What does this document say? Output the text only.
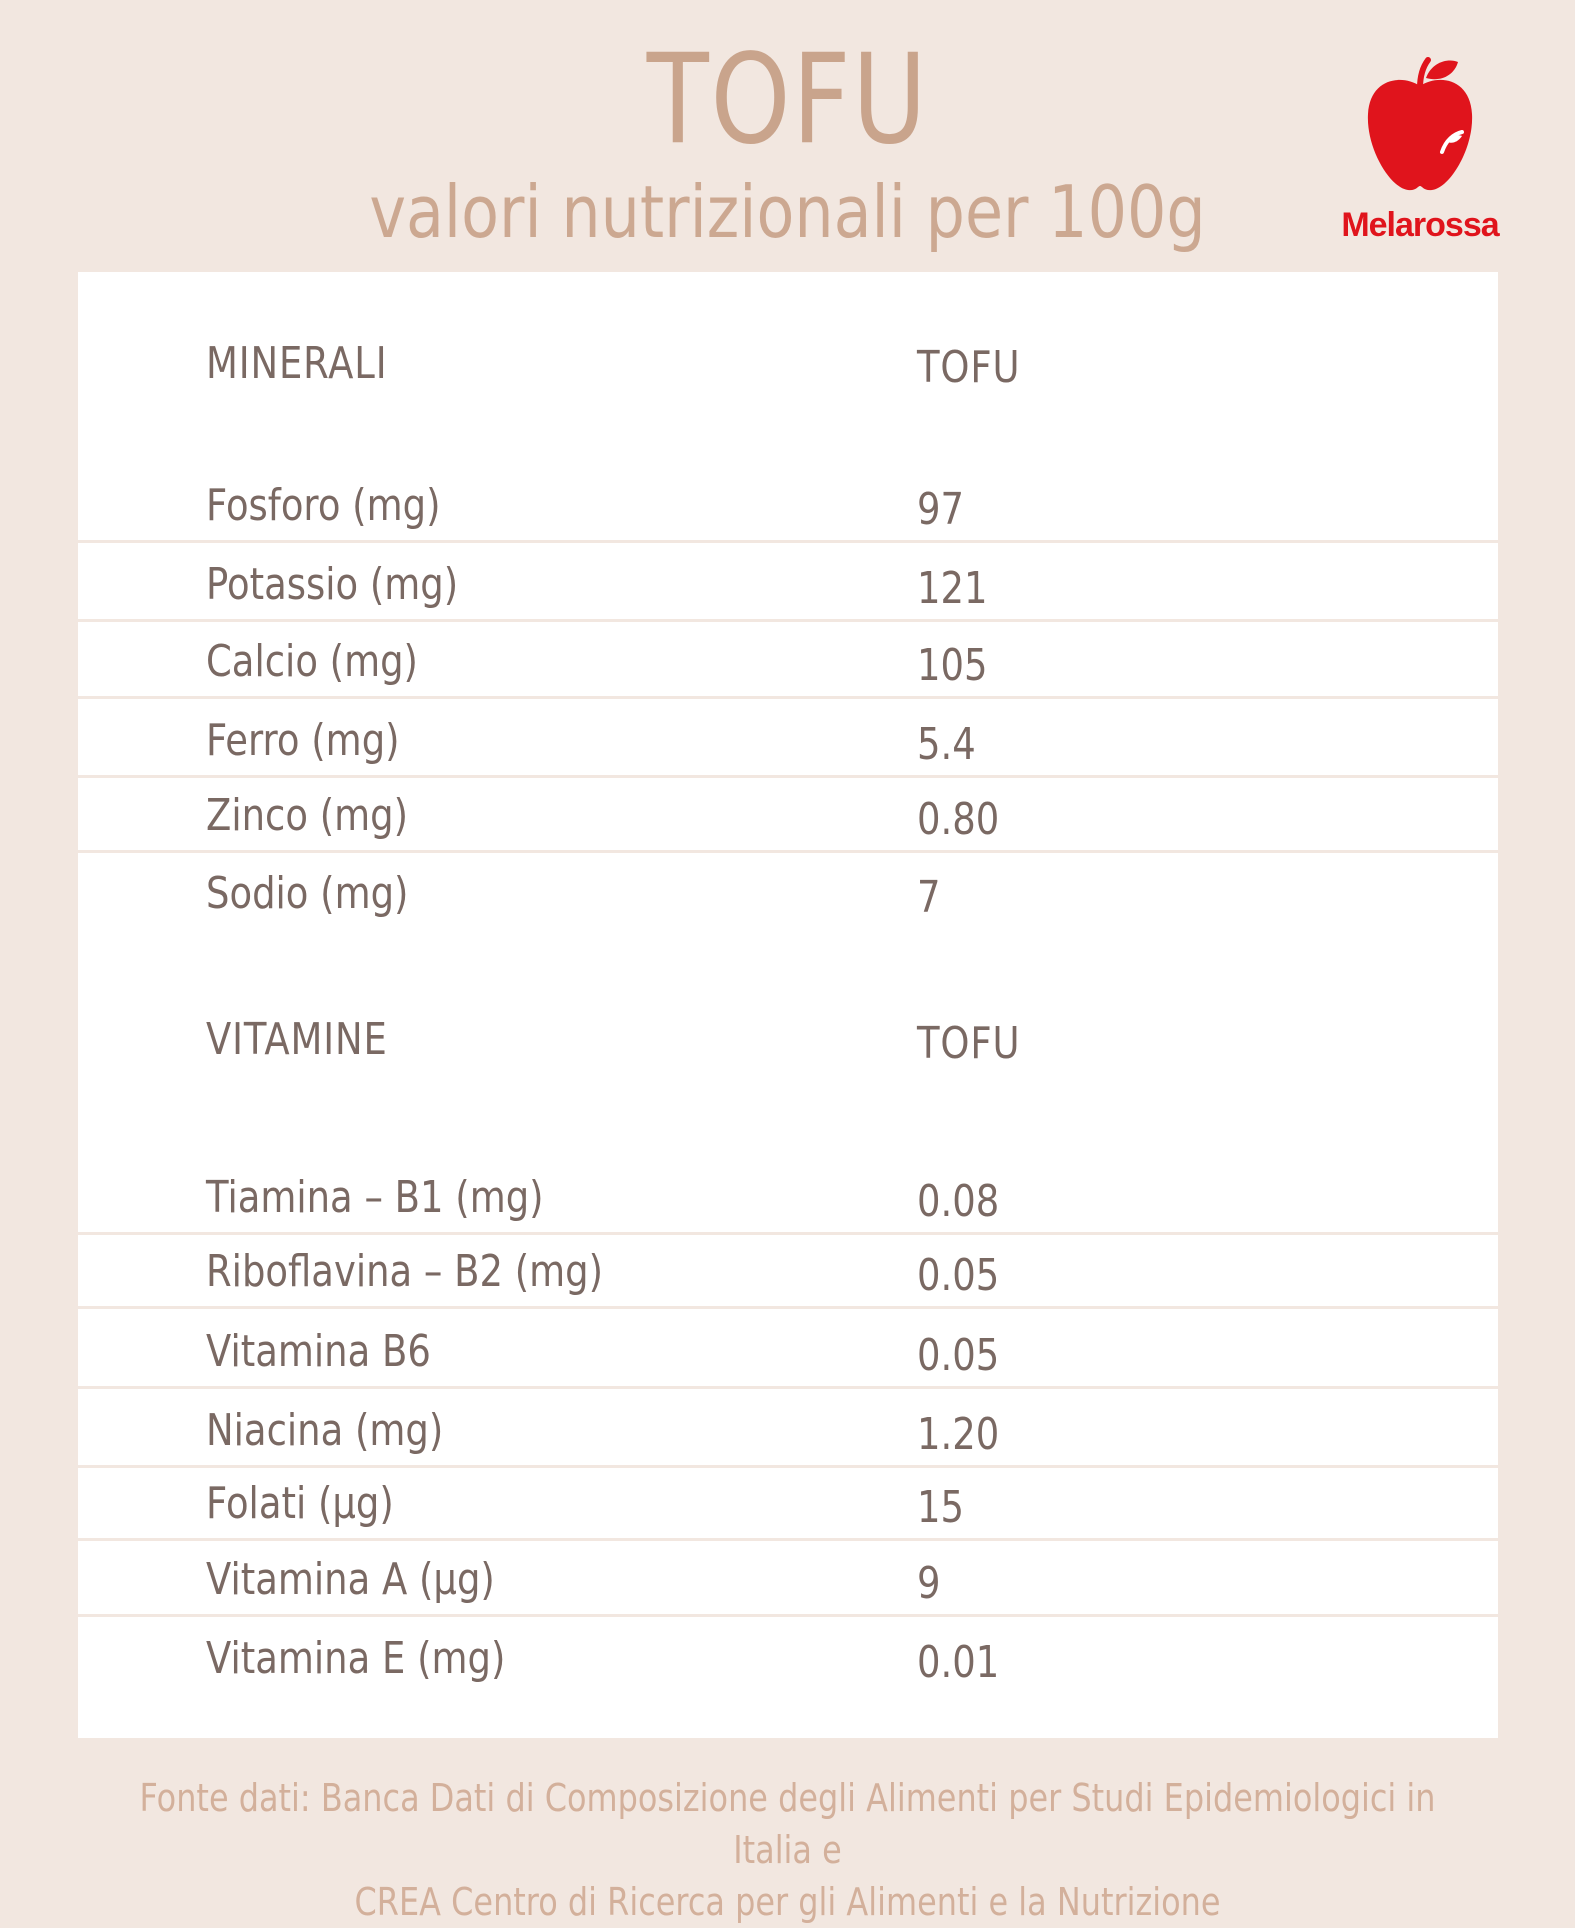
TOFU
valori nutrizionali per 100g	Melarossa
MINERALI	TOFU
Fosforo (mg)	97
Potassio (mg)	121
Calcio (mg)	105
Ferro (mg)	5.4
Zinco (mg)	0.80
Sodio (mg)	7
VITAMINE	TOFU
Tiamina – B1 (mg)	0.08
Riboflavina – B2 (mg)	0.05
Vitamina B6	0.05
Niacina (mg)	1.20
Folati (µg)	15
Vitamina A (µg)	9
Vitamina E (mg)	0.01
Fonte dati: Banca Dati di Composizione degli Alimenti per Studi Epidemiologici in Italia e
CREA Centro di Ricerca per gli Alimenti e la Nutrizione
